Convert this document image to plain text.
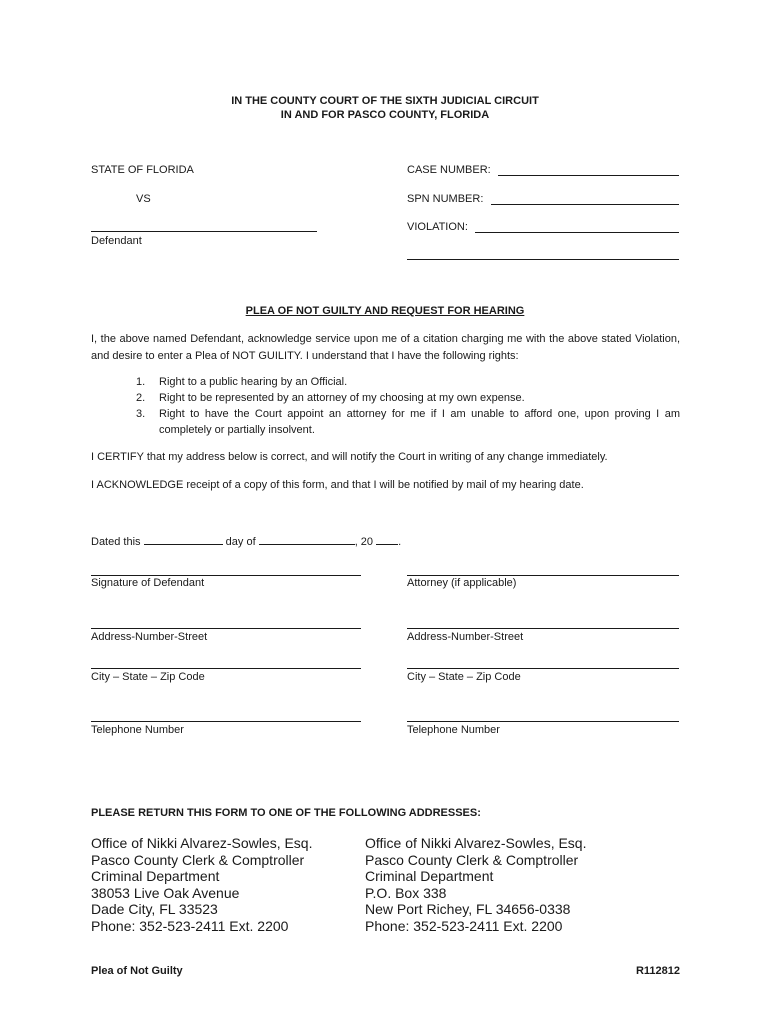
IN THE COUNTY COURT OF THE SIXTH JUDICIAL CIRCUIT
IN AND FOR PASCO COUNTY, FLORIDA
STATE OF FLORIDA
VS
Defendant
CASE NUMBER:
SPN NUMBER:
VIOLATION:
PLEA OF NOT GUILTY AND REQUEST FOR HEARING
I, the above named Defendant, acknowledge service upon me of a citation charging me with the above stated Violation, and desire to enter a Plea of NOT GUILITY. I understand that I have the following rights:
1. Right to a public hearing by an Official.
2. Right to be represented by an attorney of my choosing at my own expense.
3. Right to have the Court appoint an attorney for me if I am unable to afford one, upon proving I am completely or partially insolvent.
I CERTIFY that my address below is correct, and will notify the Court in writing of any change immediately.
I ACKNOWLEDGE receipt of a copy of this form, and that I will be notified by mail of my hearing date.
Dated this	day of	, 20 .
Signature of Defendant
Address-Number-Street
City – State – Zip Code
Telephone Number
Attorney (if applicable)
Address-Number-Street
City – State – Zip Code
Telephone Number
PLEASE RETURN THIS FORM TO ONE OF THE FOLLOWING ADDRESSES:
Office of Nikki Alvarez-Sowles, Esq.
Pasco County Clerk & Comptroller
Criminal Department
38053 Live Oak Avenue
Dade City, FL 33523
Phone: 352-523-2411 Ext. 2200
Office of Nikki Alvarez-Sowles, Esq.
Pasco County Clerk & Comptroller
Criminal Department
P.O. Box 338
New Port Richey, FL 34656-0338
Phone: 352-523-2411 Ext. 2200
Plea of Not Guilty	R112812
